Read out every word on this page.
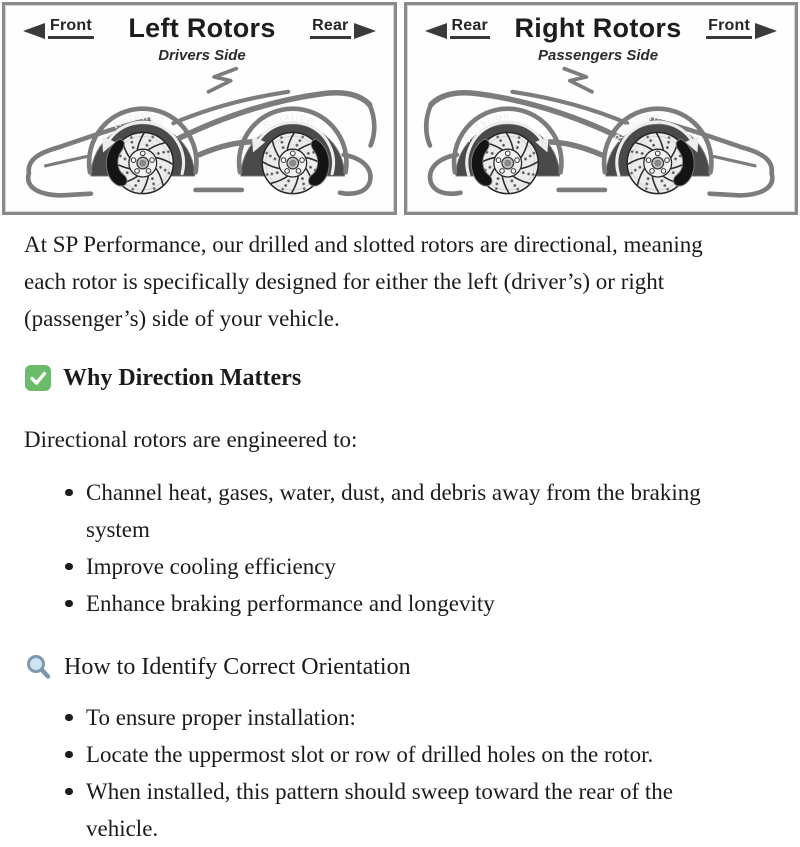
Front Left Rotors
Drivers Side
Rear
Rotation	Rotation
Rear Right Rotors
Passengers Side
Front
Rotation
Rotation

At SP Performance, our drilled and slotted rotors are directional, meaning each rotor is specifically designed for either the left (driver’s) or right (passenger’s) side of your vehicle.

Why Direction Matters

Directional rotors are engineered to:

Channel heat, gases, water, dust, and debris away from the braking system
Improve cooling efficiency
Enhance braking performance and longevity
How to Identify Correct Orientation
To ensure proper installation:
Locate the uppermost slot or row of drilled holes on the rotor.
When installed, this pattern should sweep toward the rear of the vehicle.
